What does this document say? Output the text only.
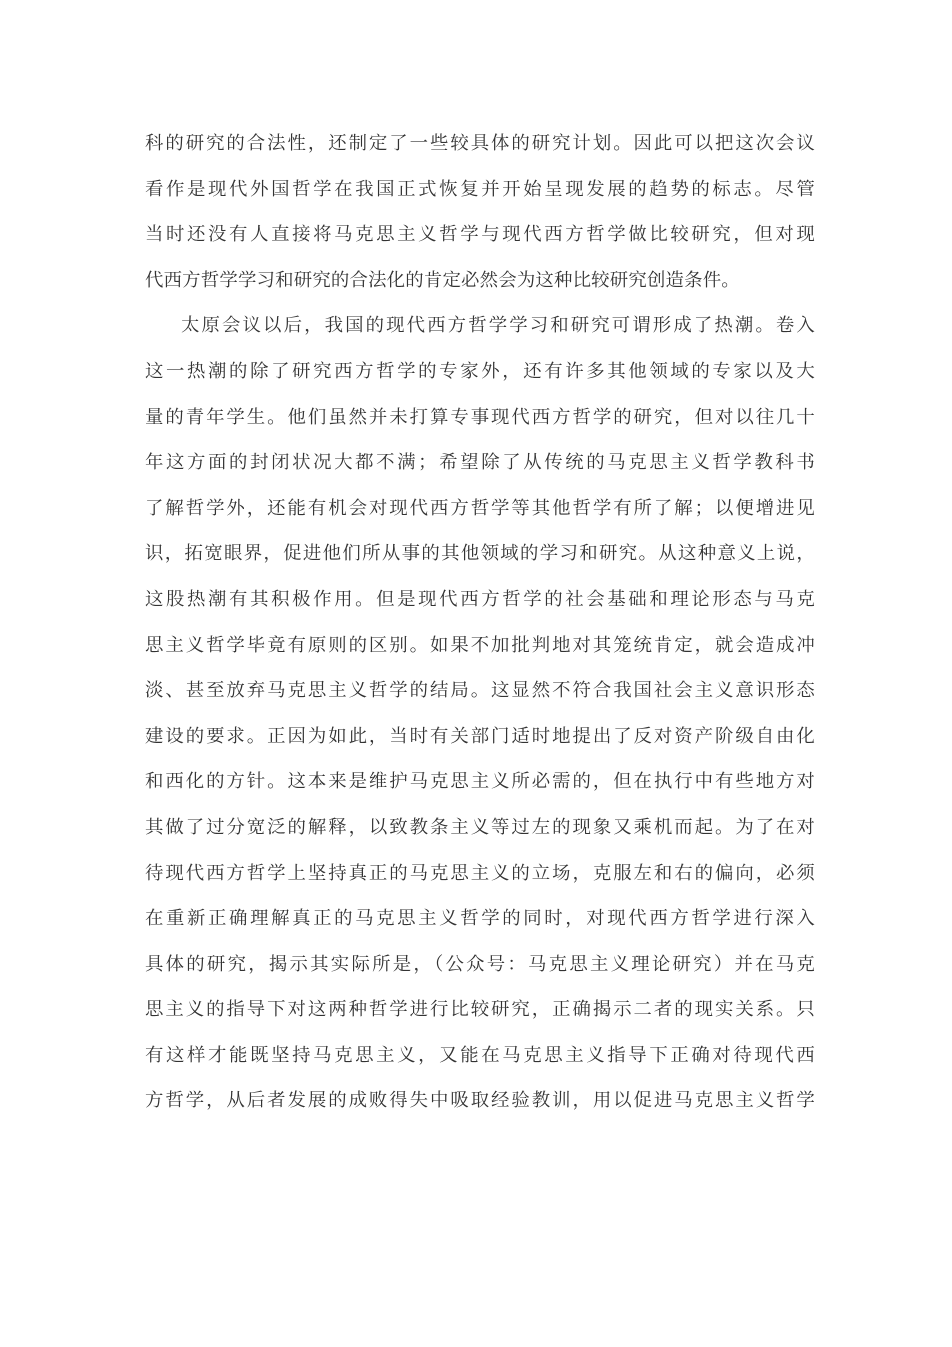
科的研究的合法性，还制定了一些较具体的研究计划。因此可以把这次会议
看作是现代外国哲学在我国正式恢复并开始呈现发展的趋势的标志。尽管
当时还没有人直接将马克思主义哲学与现代西方哲学做比较研究，但对现
代西方哲学学习和研究的合法化的肯定必然会为这种比较研究创造条件。
太原会议以后，我国的现代西方哲学学习和研究可谓形成了热潮。卷入
这一热潮的除了研究西方哲学的专家外，还有许多其他领域的专家以及大
量的青年学生。他们虽然并未打算专事现代西方哲学的研究，但对以往几十
年这方面的封闭状况大都不满；希望除了从传统的马克思主义哲学教科书
了解哲学外，还能有机会对现代西方哲学等其他哲学有所了解；以便增进见
识，拓宽眼界，促进他们所从事的其他领域的学习和研究。从这种意义上说，
这股热潮有其积极作用。但是现代西方哲学的社会基础和理论形态与马克
思主义哲学毕竟有原则的区别。如果不加批判地对其笼统肯定，就会造成冲
淡、甚至放弃马克思主义哲学的结局。这显然不符合我国社会主义意识形态
建设的要求。正因为如此，当时有关部门适时地提出了反对资产阶级自由化
和西化的方针。这本来是维护马克思主义所必需的，但在执行中有些地方对
其做了过分宽泛的解释，以致教条主义等过左的现象又乘机而起。为了在对
待现代西方哲学上坚持真正的马克思主义的立场，克服左和右的偏向，必须
在重新正确理解真正的马克思主义哲学的同时，对现代西方哲学进行深入
具体的研究，揭示其实际所是，（公众号：马克思主义理论研究）并在马克
思主义的指导下对这两种哲学进行比较研究，正确揭示二者的现实关系。只
有这样才能既坚持马克思主义，又能在马克思主义指导下正确对待现代西
方哲学，从后者发展的成败得失中吸取经验教训，用以促进马克思主义哲学
